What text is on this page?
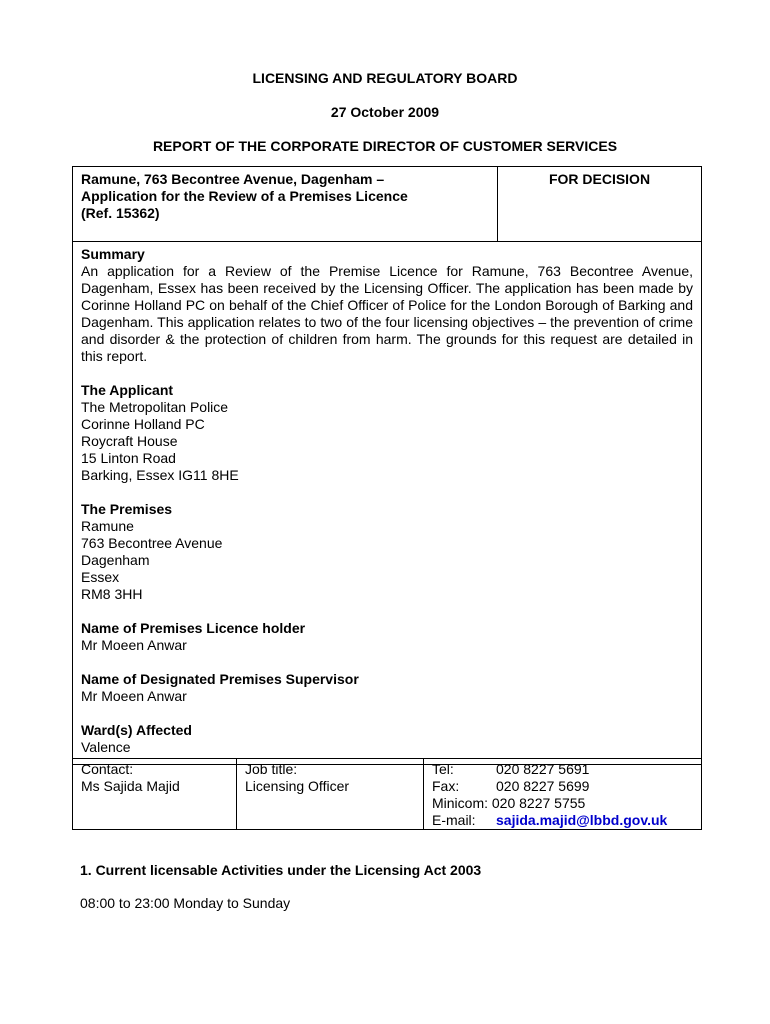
LICENSING AND REGULATORY BOARD
27 October 2009
REPORT OF THE CORPORATE DIRECTOR OF CUSTOMER SERVICES
Ramune, 763 Becontree Avenue, Dagenham –
Application for the Review of a Premises Licence
(Ref. 15362)
	FOR DECISION

Summary

An application for a Review of the Premise Licence for Ramune, 763 Becontree Avenue, Dagenham, Essex has been received by the Licensing Officer. The application has been made by Corinne Holland PC on behalf of the Chief Officer of Police for the London Borough of Barking and Dagenham. This application relates to two of the four licensing objectives – the prevention of crime and disorder & the protection of children from harm. The grounds for this request are detailed in this report.

The Applicant
The Metropolitan Police
Corinne Holland PC
Roycraft House
15 Linton Road
Barking, Essex IG11 8HE
The Premises
Ramune
763 Becontree Avenue
Dagenham
Essex
RM8 3HH
Name of Premises Licence holder
Mr Moeen Anwar
Name of Designated Premises Supervisor
Mr Moeen Anwar
Ward(s) Affected
Valence
Contact:
Ms Sajida Majid

Job title:
Licensing Officer

Tel:	020 8227 5691
Fax:	020 8227 5699
Minicom: 020 8227 5755
E-mail:	sajida.majid@lbbd.gov.uk
1. Current licensable Activities under the Licensing Act 2003
08:00 to 23:00 Monday to Sunday
